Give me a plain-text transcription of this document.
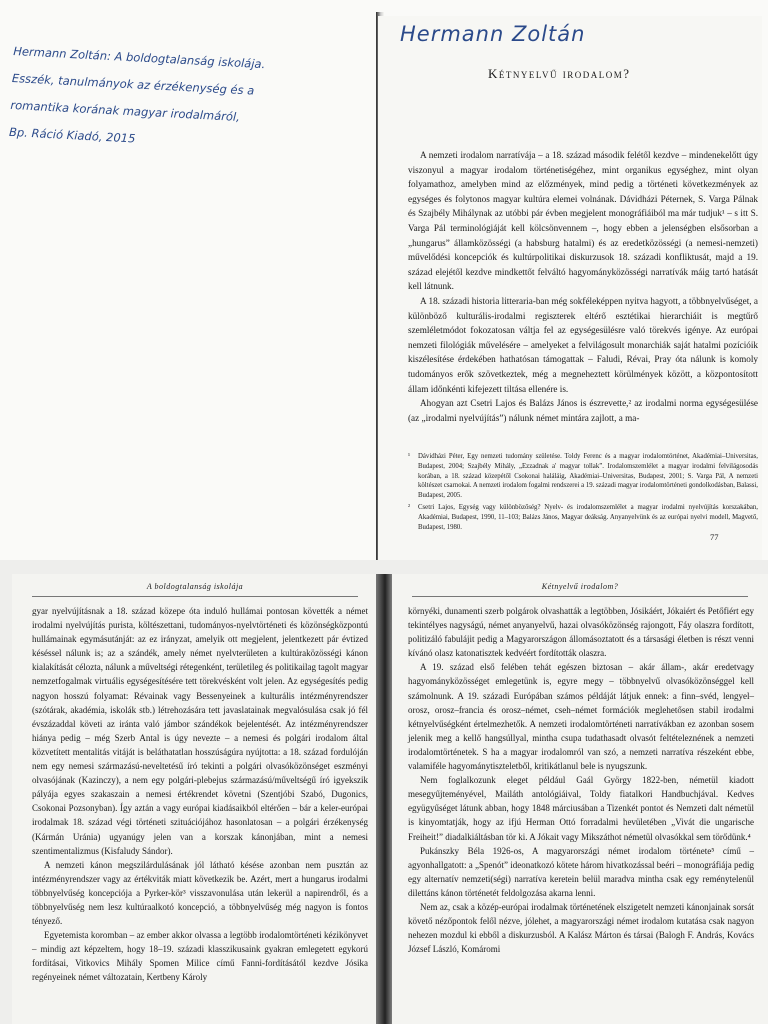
Hermann Zoltán: A boldogtalanság iskolája.
Esszék, tanulmányok az érzékenység és a
romantika korának magyar irodalmáról,
Bp. Ráció Kiadó, 2015
Hermann Zoltán
Kétnyelvű irodalom?

A nemzeti irodalom narratívája – a 18. század második felétől kezdve – mindenekelőtt úgy viszonyul a magyar irodalom történetiségéhez, mint organikus egységhez, mint olyan folyamathoz, amelyben mind az előzmények, mind pedig a történeti következmények az egységes és folytonos magyar kultúra elemei volnának. Dávidházi Péternek, S. Varga Pálnak és Szajbély Mihálynak az utóbbi pár évben megjelent monográfiáiból ma már tudjuk¹ – s itt S. Varga Pál terminológiáját kell kölcsönvennem –, hogy ebben a jelenségben elsősorban a „hungarus” államközösségi (a habsburg hatalmi) és az eredetközösségi (a nemesi-nemzeti) művelődési koncepciók és kultúrpolitikai diskurzusok 18. századi konfliktusát, majd a 19. század elejétől kezdve mindkettőt felváltó hagyományközösségi narratívák máig tartó hatását kell látnunk.

A 18. századi historia litteraria-ban még sokféleképpen nyitva hagyott, a többnyelvűséget, a különböző kulturális-irodalmi regiszterek eltérő esztétikai hierarchiáit is megtűrő szemléletmódot fokozatosan váltja fel az egységesülésre való törekvés igénye. Az európai nemzeti filológiák művelésére – amelyeket a felvilágosult monarchiák saját hatalmi pozícióik kiszélesítése érdekében hathatósan támogattak – Faludi, Révai, Pray óta nálunk is komoly tudományos erők szövetkeztek, még a megneheztett körülmények között, a központosított állam időnkénti kifejezett tiltása ellenére is.

Ahogyan azt Csetri Lajos és Balázs János is észrevette,² az irodalmi norma egységesülése (az „irodalmi nyelvújítás”) nálunk német mintára zajlott, a ma-

¹ Dávidházi Péter, Egy nemzeti tudomány születése. Toldy Ferenc és a magyar irodalomtörténet, Akadémiai–Universitas, Budapest, 2004; Szajbély Mihály, „Ezzadnak a' magyar tollak”. Irodalomszemlélet a magyar irodalmi felvilágosodás korában, a 18. század közepétől Csokonai haláláig, Akadémiai–Universitas, Budapest, 2001; S. Varga Pál, A nemzeti költészet csarnokai. A nemzeti irodalom fogalmi rendszerei a 19. századi magyar irodalomtörténeti gondolkodásban, Balassi, Budapest, 2005.

² Csetri Lajos, Egység vagy különbözőség? Nyelv- és irodalomszemlélet a magyar irodalmi nyelvújítás korszakában, Akadémiai, Budapest, 1990, 11–103; Balázs János, Magyar deákság. Anyanyelvünk és az európai nyelvi modell, Magvető, Budapest, 1980.

77
A boldogtalanság iskolája

gyar nyelvújításnak a 18. század közepe óta induló hullámai pontosan követték a német irodalmi nyelvújítás purista, költészettani, tudományos-nyelvtörténeti és közönségközpontú hullámainak egymásutánját: az ez irányzat, amelyik ott megjelent, jelentkezett pár évtized késéssel nálunk is; az a szándék, amely német nyelvterületen a kultúraközösségi kánon kialakítását célozta, nálunk a műveltségi rétegenként, területileg és politikailag tagolt magyar nemzetfogalmak virtuális egységesítésére tett törekvésként volt jelen. Az egységesítés pedig nagyon hosszú folyamat: Révainak vagy Bessenyeinek a kulturális intézményrendszer (szótárak, akadémia, iskolák stb.) létrehozására tett javaslatainak megvalósulása csak jó fél évszázaddal követi az iránta való jámbor szándékok bejelentését. Az intézményrendszer hiánya pedig – még Szerb Antal is úgy nevezte – a nemesi és polgári irodalom által közvetített mentalitás vitáját is beláthatatlan hosszúságúra nyújtotta: a 18. század fordulóján nem egy nemesi származású-neveltetésű író tekinti a polgári olvasóközönséget eszményi olvasójának (Kazinczy), a nem egy polgári-plebejus származású/műveltségű író igyekszik pályája egyes szakaszain a nemesi értékrendet követni (Szentjóbi Szabó, Dugonics, Csokonai Pozsonyban). Így aztán a vagy európai kiadásaikból eltérően – bár a keler-európai irodalmak 18. század végi történeti szituációjához hasonlatosan – a polgári érzékenység (Kármán Uránia) ugyanúgy jelen van a korszak kánonjában, mint a nemesi szentimentalizmus (Kisfaludy Sándor).

A nemzeti kánon megszilárdulásának jól látható késése azonban nem pusztán az intézményrendszer vagy az értékviták miatt következik be. Azért, mert a hungarus irodalmi többnyelvűség koncepciója a Pyrker-kör³ visszavonulása után lekerül a napirendről, és a többnyelvűség nem lesz kultúraalkotó koncepció, a többnyelvűség még nagyon is fontos tényező.

Egyetemista koromban – az ember akkor olvassa a legtöbb irodalomtörténeti kézikönyvet – mindig azt képzeltem, hogy 18–19. századi klasszikusaink gyakran emlegetett egykorú fordításai, Vitkovics Mihály Spomen Milice című Fanni-fordításától kezdve Jósika regényeinek német változatain, Kertbeny Károly

Kétnyelvű irodalom?

környéki, dunamenti szerb polgárok olvashatták a legtöbben, Jósikáért, Jókaiért és Petőfiért egy tekintélyes nagyságú, német anyanyelvű, hazai olvasóközönség rajongott, Fáy olaszra fordított, politizáló fabulájit pedig a Magyarországon állomásoztatott és a társasági életben is részt venni kívánó olasz katonatisztek kedvéért fordították olaszra.

A 19. század első felében tehát egészen biztosan – akár állam-, akár eredetvagy hagyományközösséget emlegetünk is, egyre megy – többnyelvű olvasóközönséggel kell számolnunk. A 19. századi Európában számos példáját látjuk ennek: a finn–svéd, lengyel–orosz, orosz–francia és orosz–német, cseh–német formációk meglehetősen stabil irodalmi kétnyelvűségként értelmezhetők. A nemzeti irodalomtörténeti narratívákban ez azonban sosem jelenik meg a kellő hangsúllyal, mintha csupa tudathasadt olvasót feltételeznének a nemzeti irodalomtörténetek. S ha a magyar irodalomról van szó, a nemzeti narratíva részeként ebbe, valamiféle hagyománytiszteletből, kritikátlanul bele is nyugszunk.

Nem foglalkozunk eleget például Gaál György 1822-ben, németül kiadott mesegyűjteményével, Mailáth antológiáival, Toldy fiatalkori Handbuchjával. Kedves együgyűséget látunk abban, hogy 1848 márciusában a Tizenkét pontot és Nemzeti dalt németül is kinyomtatják, hogy az ifjú Herman Ottó forradalmi hevületében „Vivát die ungarische Freiheit!” diadalkiáltásban tör ki. A Jókait vagy Mikszáthot németül olvasókkal sem törődünk.⁴

Pukánszky Béla 1926-os, A magyarországi német irodalom története⁵ című – agyonhallgatott: a „Spenót” ideonatkozó kötete három hivatkozással beéri – monográfiája pedig egy alternatív nemzeti(ségi) narratíva keretein belül maradva mintha csak egy reménytelenül dilettáns kánon történetét feldolgozása akarna lenni.

Nem az, csak a közép-európai irodalmak történetének elszigetelt nemzeti kánonjainak sorsát követő nézőpontok felől nézve, jólehet, a magyarországi német irodalom kutatása csak nagyon nehezen mozdul ki ebből a diskurzusból. A Kalász Márton és társai (Balogh F. András, Kovács József László, Komáromi
